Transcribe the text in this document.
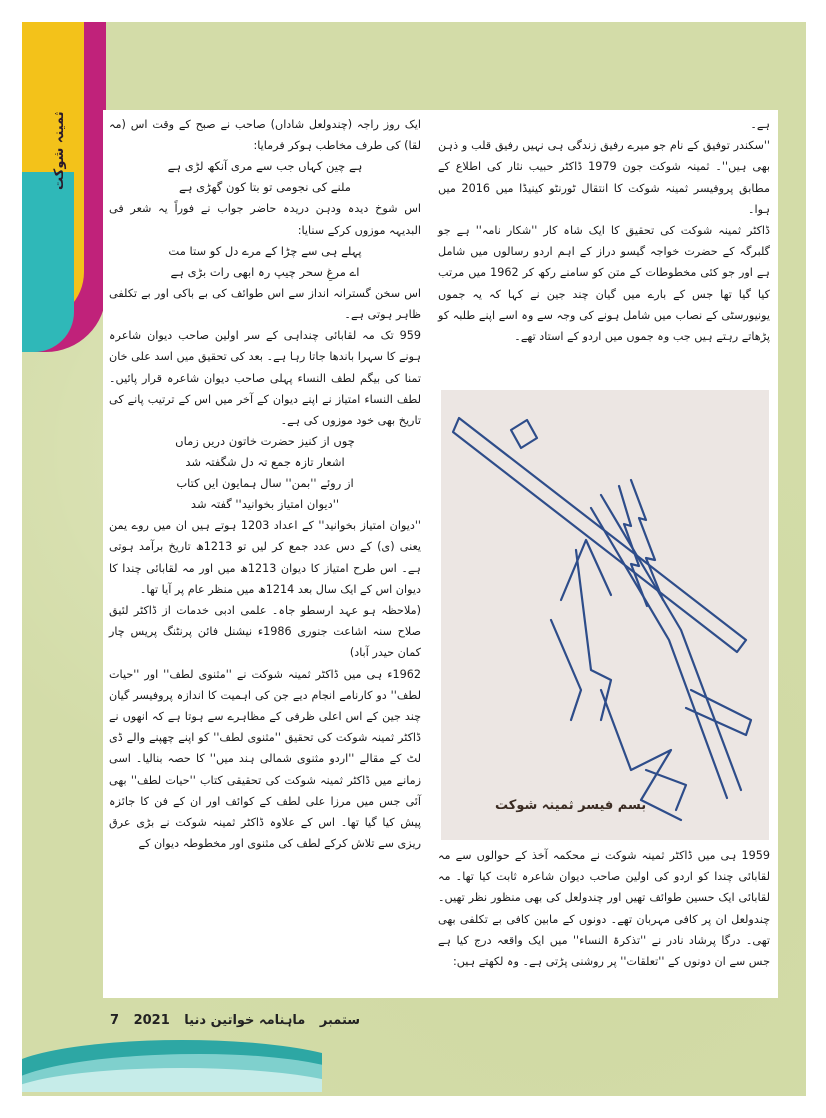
ثمینہ شوکت	ایک روز راجہ (چندولعل شاداں) صاحب نے صبح کے وقت اس (مہ لقا) کی طرف مخاطب ہوکر فرمایا:

ہے چین کہاں جب سے مری آنکھ لڑی ہے

ملنے کی نجومی تو بتا کون گھڑی ہے

اس شوخ دیدہ ودہن دریدہ حاضر جواب نے فوراً یہ شعر فی البدیہہ موزوں کرکے سنایا:

پہلے ہی سے چڑا کے مرے دل کو ستا مت

اے مرغِ سحر چیپ رہ ابھی رات بڑی ہے

اس سخن گسترانہ انداز سے اس طوائف کی بے باکی اور بے تکلفی ظاہر ہوتی ہے۔

959 تک مہ لقابائی چنداہی کے سر اولین صاحب دیوان شاعرہ ہونے کا سہرا باندھا جاتا رہا ہے۔ بعد کی تحقیق میں اسد علی خان تمنا کی بیگم لطف النساء پہلی صاحب دیوان شاعرہ قرار پائیں۔ لطف النساء امتیاز نے اپنے دیوان کے آخر میں اس کے ترتیب پانے کی تاریخ بھی خود موزوں کی ہے۔

چوں از کنیز حضرت خاتون دریں زماں

اشعار تازہ جمع تہ دل شگفتہ شد

از روئے ''بمن'' سال ہمایون ایں کتاب

''دیوان امتیاز بخوانید'' گفتہ شد

''دیوان امتیاز بخوانید'' کے اعداد 1203 ہوتے ہیں ان میں روے یمن یعنی (ی) کے دس عدد جمع کر لیں تو 1213ھ تاریخ برآمد ہوتی ہے۔ اس طرح امتیاز کا دیوان 1213ھ میں اور مہ لقابائی چندا کا دیوان اس کے ایک سال بعد 1214ھ میں منظر عام پر آیا تھا۔

(ملاحظہ ہو عہد ارسطو جاہ۔ علمی ادبی خدمات از ڈاکٹر لئیق صلاح سنہ اشاعت جنوری 1986ء نیشنل فائن پرنٹنگ پریس چار کمان حیدر آباد)

1962ء ہی میں ڈاکٹر ثمینہ شوکت نے ''مثنوی لطف'' اور ''حیات لطف'' دو کارنامے انجام دیے جن کی اہمیت کا اندازہ پروفیسر گیان چند جین کے اس اعلی ظرفی کے مظاہرے سے ہوتا ہے کہ انھوں نے ڈاکٹر ثمینہ شوکت کی تحقیق ''مثنوی لطف'' کو اپنے چھپنے والے ڈی لٹ کے مقالے ''اردو مثنوی شمالی ہند میں'' کا حصہ بنالیا۔ اسی زمانے میں ڈاکٹر ثمینہ شوکت کی تحقیقی کتاب ''حیات لطف'' بھی آئی جس میں مرزا علی لطف کے کوائف اور ان کے فن کا جائزہ پیش کیا گیا تھا۔ اس کے علاوہ ڈاکٹر ثمینہ شوکت نے بڑی عرق ریزی سے تلاش کرکے لطف کی مثنوی اور مخطوطہ دیوان کے

ہے۔

''سکندر توفیق کے نام جو میرے رفیق زندگی ہی نہیں رفیق قلب و ذہن بھی ہیں''۔ ثمینہ شوکت جون 1979 ڈاکٹر حبیب نثار کی اطلاع کے مطابق پروفیسر ثمینہ شوکت کا انتقال ٹورنٹو کینیڈا میں 2016 میں ہوا۔

ڈاکٹر ثمینہ شوکت کی تحقیق کا ایک شاہ کار ''شکار نامہ'' ہے جو گلبرگہ کے حضرت خواجہ گیسو دراز کے اہم اردو رسالوں میں شامل ہے اور جو کئی مخطوطات کے متن کو سامنے رکھ کر 1962 میں مرتب کیا گیا تھا جس کے بارے میں گیان چند جین نے کہا کہ یہ جموں یونیورسٹی کے نصاب میں شامل ہونے کی وجہ سے وہ اسے اپنے طلبہ کو پڑھاتے رہتے ہیں جب وہ جموں میں اردو کے استاد تھے۔

بسم فیسر ثمینہ شوکت

1959 ہی میں ڈاکٹر ثمینہ شوکت نے محکمہ آخذ کے حوالوں سے مہ لقابائی چندا کو اردو کی اولین صاحب دیوان شاعرہ ثابت کیا تھا۔ مہ لقابائی ایک حسین طوائف تھیں اور چندولعل کی بھی منظور نظر تھیں۔ چندولعل ان پر کافی مہربان تھے۔ دونوں کے مابین کافی بے تکلفی بھی تھی۔ درگا پرشاد نادر نے ''تذکرۃ النساء'' میں ایک واقعہ درج کیا ہے جس سے ان دونوں کے ''تعلقات'' پر روشنی پڑتی ہے۔ وہ لکھتے ہیں:

7 2021	ستمبر ماہنامہ خواتین دنیا
